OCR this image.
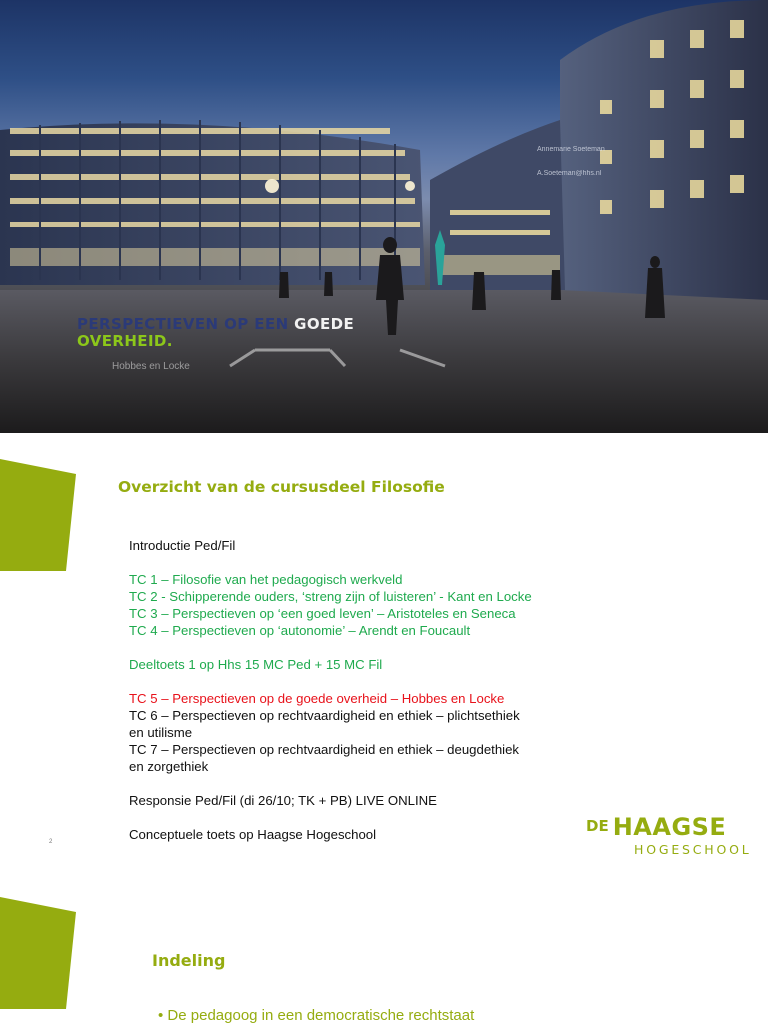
Annemarie Soeteman
A.Soeteman@hhs.nl
PERSPECTIEVEN OP EEN GOEDE
OVERHEID.
Hobbes en Locke
Overzicht van de cursusdeel Filosofie
Introductie Ped/Fil
TC 1 – Filosofie van het pedagogisch werkveld
TC 2 - Schipperende ouders, ‘streng zijn of luisteren’ - Kant en Locke
TC 3 – Perspectieven op ‘een goed leven’ – Aristoteles en Seneca
TC 4 – Perspectieven op ‘autonomie’ – Arendt en Foucault
Deeltoets 1 op Hhs 15 MC Ped + 15 MC Fil
TC 5 – Perspectieven op de goede overheid – Hobbes en Locke
TC 6 – Perspectieven op rechtvaardigheid en ethiek – plichtsethiek
en utilisme
TC 7 – Perspectieven op rechtvaardigheid en ethiek – deugdethiek
en zorgethiek
Responsie Ped/Fil (di 26/10; TK + PB) LIVE ONLINE
Conceptuele toets op Haagse Hogeschool
2
DE HAAGSE
HOGESCHOOL
Indeling
• De pedagoog in een democratische rechtstaat
